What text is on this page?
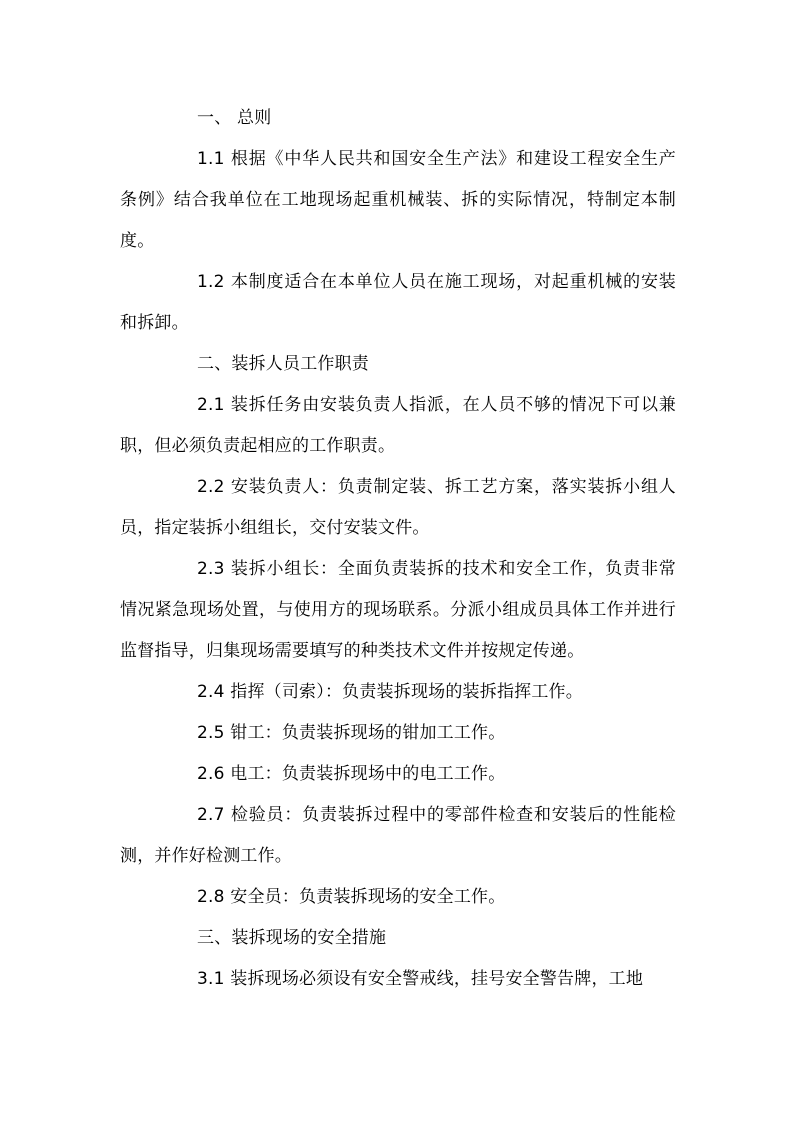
一、 总则

1.1 根据《中华人民共和国安全生产法》和建设工程安全生产条例》结合我单位在工地现场起重机械装、拆的实际情况，特制定本制度。

1.2 本制度适合在本单位人员在施工现场，对起重机械的安装和拆卸。

二、装拆人员工作职责

2.1 装拆任务由安装负责人指派，在人员不够的情况下可以兼职，但必须负责起相应的工作职责。

2.2 安装负责人：负责制定装、拆工艺方案，落实装拆小组人员，指定装拆小组组长，交付安装文件。

2.3 装拆小组长：全面负责装拆的技术和安全工作，负责非常情况紧急现场处置，与使用方的现场联系。分派小组成员具体工作并进行监督指导，归集现场需要填写的种类技术文件并按规定传递。

2.4 指挥（司索）：负责装拆现场的装拆指挥工作。

2.5 钳工：负责装拆现场的钳加工工作。

2.6 电工：负责装拆现场中的电工工作。

2.7 检验员：负责装拆过程中的零部件检查和安装后的性能检测，并作好检测工作。

2.8 安全员：负责装拆现场的安全工作。

三、装拆现场的安全措施

3.1 装拆现场必须设有安全警戒线，挂号安全警告牌，工地
